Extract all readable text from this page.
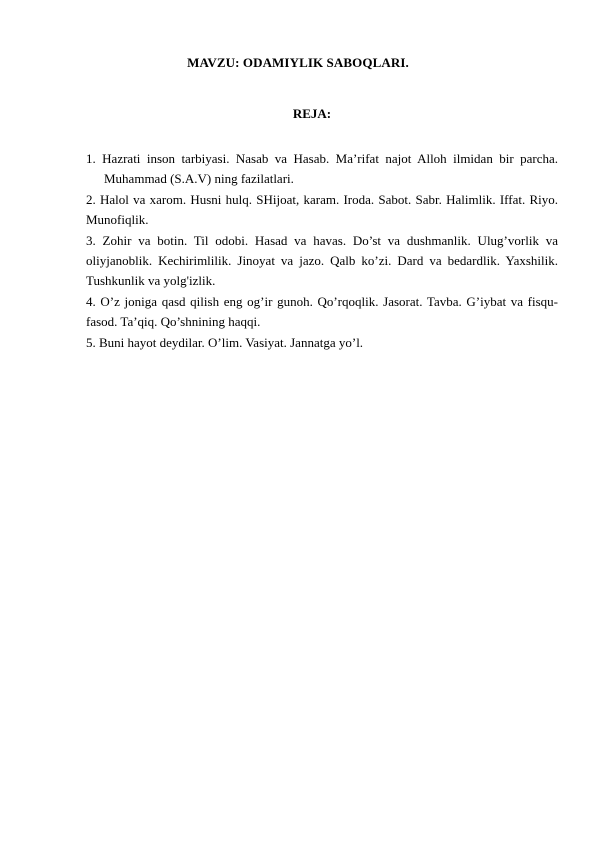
MAVZU: ODAMIYLIK SABOQLARI.
REJA:

1. Hazrati inson tarbiyasi. Nasab va Hasab. Ma’rifat najot Alloh ilmidan bir parcha. Muhammad (S.A.V) ning fazilatlari.

2. Halol va xarom. Husni hulq. SHijoat, karam. Iroda. Sabot. Sabr. Halimlik. Iffat. Riyo. Munofiqlik.

3. Zohir va botin. Til odobi. Hasad va havas. Do’st va dushmanlik. Ulug’vorlik va oliyjanoblik. Kechirimlilik. Jinoyat va jazo. Qalb ko’zi. Dard va bedardlik. Yaxshilik. Tushkunlik va yolg'izlik.

4. O’z joniga qasd qilish eng og’ir gunoh. Qo’rqoqlik. Jasorat. Tavba. G’iybat va fisqu-fasod. Ta’qiq. Qo’shnining haqqi.

5. Buni hayot deydilar. O’lim. Vasiyat. Jannatga yo’l.
